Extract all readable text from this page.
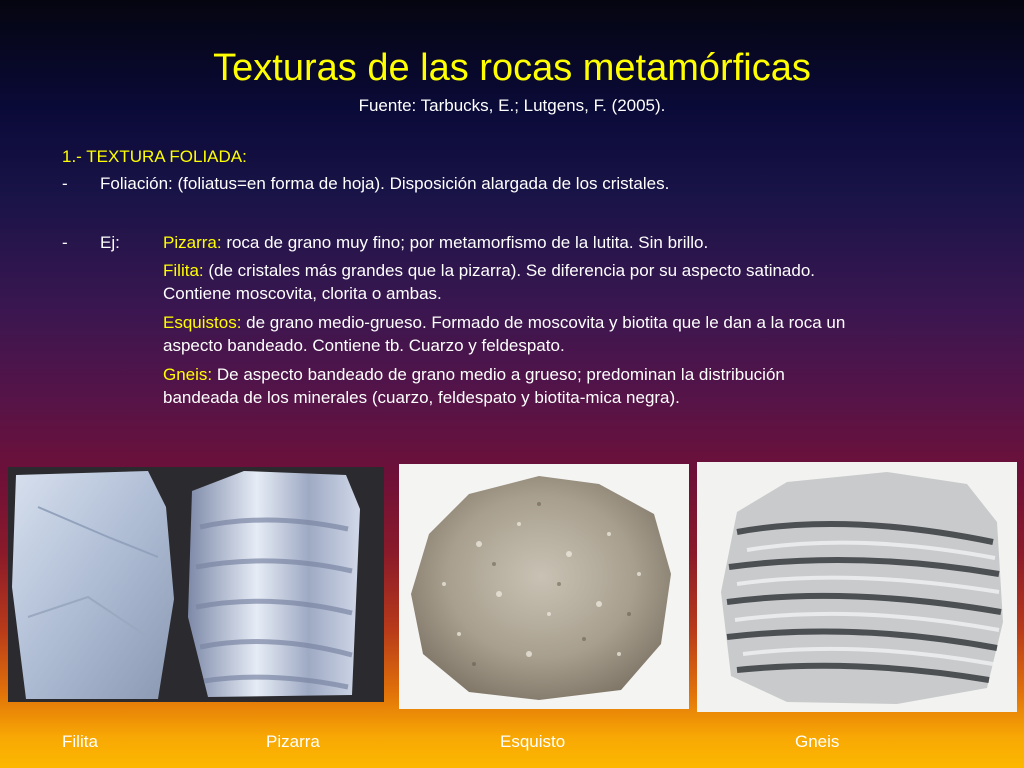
Texturas de las rocas metamórficas
Fuente: Tarbucks, E.; Lutgens, F. (2005).
1.- TEXTURA FOLIADA:
- Foliación: (foliatus=en forma de hoja). Disposición alargada de los cristales.
- Ej:	Pizarra: roca de grano muy fino; por metamorfismo de la lutita. Sin brillo.
Filita: (de cristales más grandes que la pizarra). Se diferencia por su aspecto satinado.
Contiene moscovita, clorita o ambas.
Esquistos: de grano medio-grueso. Formado de moscovita y biotita que le dan a la roca un
aspecto bandeado. Contiene tb. Cuarzo y feldespato.
Gneis: De aspecto bandeado de grano medio a grueso; predominan la distribución
bandeada de los minerales (cuarzo, feldespato y biotita-mica negra).
Filita	Pizarra	Esquisto	Gneis
